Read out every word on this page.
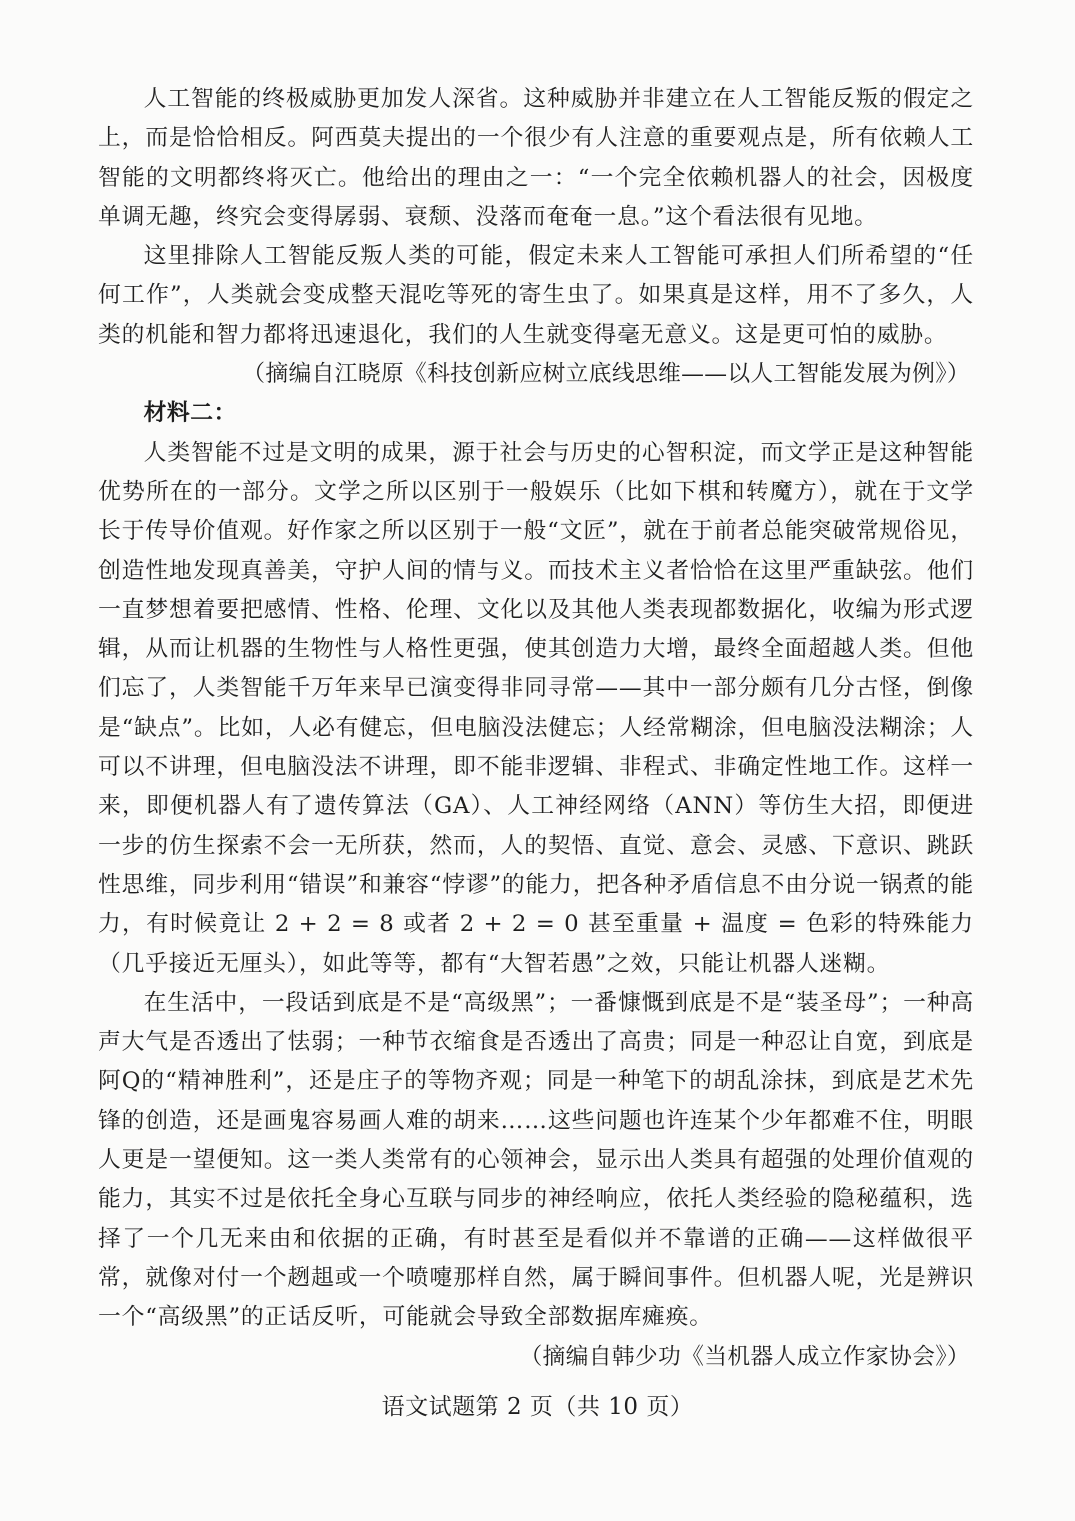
人工智能的终极威胁更加发人深省。这种威胁并非建立在人工智能反叛的假定之上，而是恰恰相反。阿西莫夫提出的一个很少有人注意的重要观点是，所有依赖人工智能的文明都终将灭亡。他给出的理由之一：“一个完全依赖机器人的社会，因极度单调无趣，终究会变得孱弱、衰颓、没落而奄奄一息。”这个看法很有见地。

这里排除人工智能反叛人类的可能，假定未来人工智能可承担人们所希望的“任何工作”，人类就会变成整天混吃等死的寄生虫了。如果真是这样，用不了多久，人类的机能和智力都将迅速退化，我们的人生就变得毫无意义。这是更可怕的威胁。

（摘编自江晓原《科技创新应树立底线思维——以人工智能发展为例》）

材料二：

人类智能不过是文明的成果，源于社会与历史的心智积淀，而文学正是这种智能优势所在的一部分。文学之所以区别于一般娱乐（比如下棋和转魔方），就在于文学长于传导价值观。好作家之所以区别于一般“文匠”，就在于前者总能突破常规俗见，创造性地发现真善美，守护人间的情与义。而技术主义者恰恰在这里严重缺弦。他们一直梦想着要把感情、性格、伦理、文化以及其他人类表现都数据化，收编为形式逻辑，从而让机器的生物性与人格性更强，使其创造力大增，最终全面超越人类。但他们忘了，人类智能千万年来早已演变得非同寻常——其中一部分颇有几分古怪，倒像是“缺点”。比如，人必有健忘，但电脑没法健忘；人经常糊涂，但电脑没法糊涂；人可以不讲理，但电脑没法不讲理，即不能非逻辑、非程式、非确定性地工作。这样一来，即便机器人有了遗传算法（GA）、人工神经网络（ANN）等仿生大招，即便进一步的仿生探索不会一无所获，然而，人的契悟、直觉、意会、灵感、下意识、跳跃性思维，同步利用“错误”和兼容“悖谬”的能力，把各种矛盾信息不由分说一锅煮的能力，有时候竟让 2 + 2 = 8 或者 2 + 2 = 0 甚至重量 + 温度 = 色彩的特殊能力（几乎接近无厘头），如此等等，都有“大智若愚”之效，只能让机器人迷糊。

在生活中，一段话到底是不是“高级黑”；一番慷慨到底是不是“装圣母”；一种高声大气是否透出了怯弱；一种节衣缩食是否透出了高贵；同是一种忍让自宽，到底是阿Q的“精神胜利”，还是庄子的等物齐观；同是一种笔下的胡乱涂抹，到底是艺术先锋的创造，还是画鬼容易画人难的胡来……这些问题也许连某个少年都难不住，明眼人更是一望便知。这一类人类常有的心领神会，显示出人类具有超强的处理价值观的能力，其实不过是依托全身心互联与同步的神经响应，依托人类经验的隐秘蕴积，选择了一个几无来由和依据的正确，有时甚至是看似并不靠谱的正确——这样做很平常，就像对付一个趔趄或一个喷嚏那样自然，属于瞬间事件。但机器人呢，光是辨识一个“高级黑”的正话反听，可能就会导致全部数据库瘫痪。

（摘编自韩少功《当机器人成立作家协会》）

语文试题第 2 页（共 10 页）
